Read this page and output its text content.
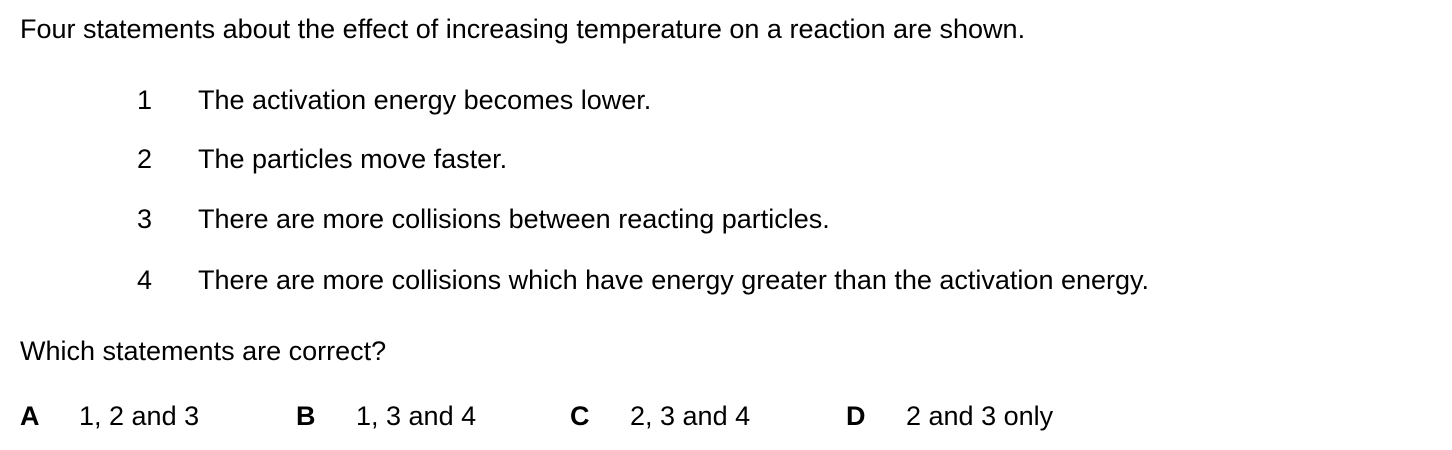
Four statements about the effect of increasing temperature on a reaction are shown.
1 The activation energy becomes lower.
2 The particles move faster.
3 There are more collisions between reacting particles.
4 There are more collisions which have energy greater than the activation energy.
Which statements are correct?
A 1, 2 and 3	B 1, 3 and 4	C 2, 3 and 4	D 2 and 3 only
